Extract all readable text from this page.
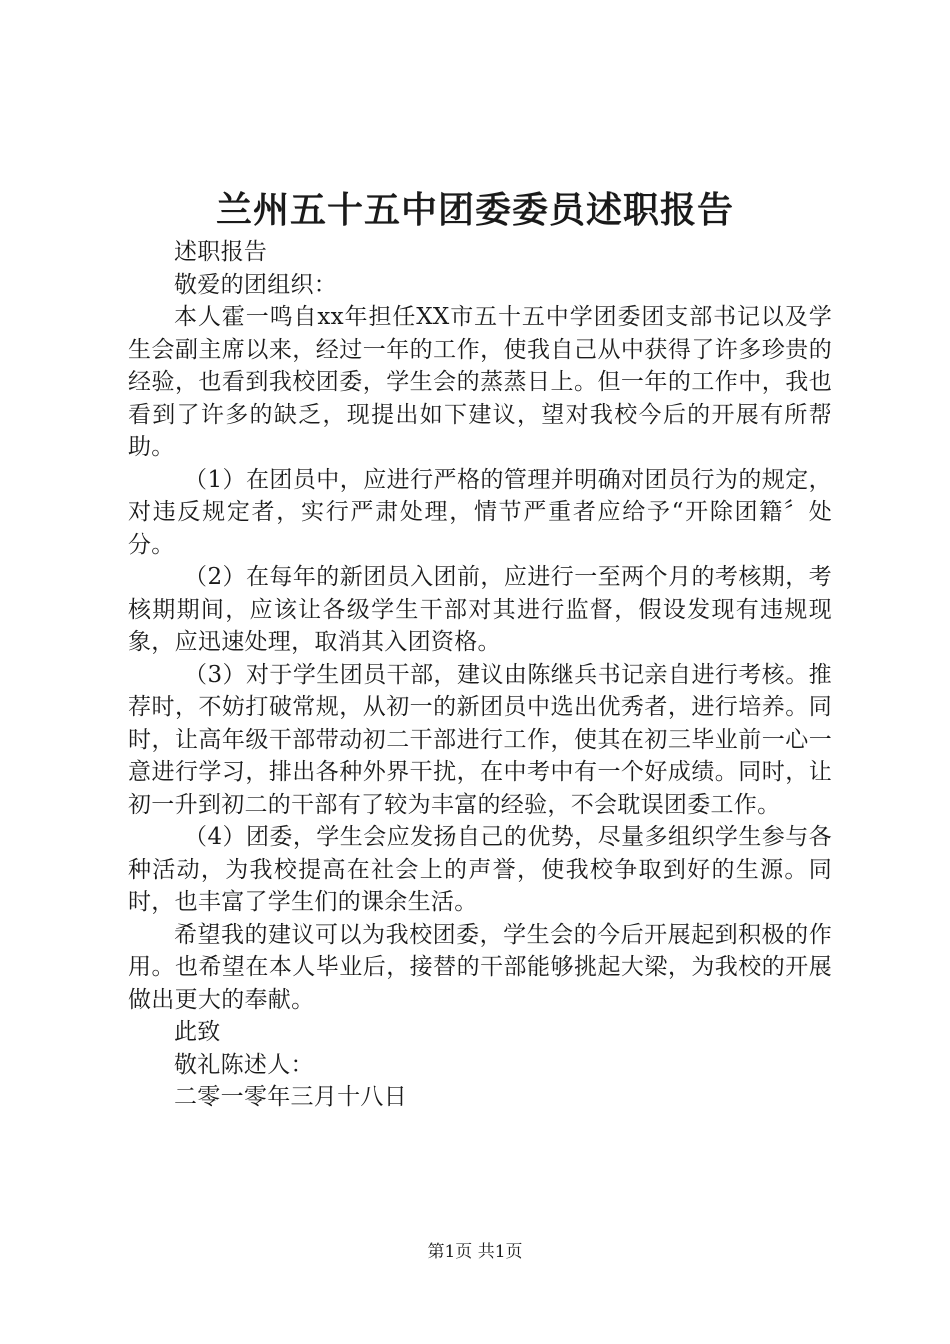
兰州五十五中团委委员述职报告

述职报告

敬爱的团组织：

本人霍一鸣自xx年担任XX市五十五中学团委团支部书记以及学生会副主席以来，经过一年的工作，使我自己从中获得了许多珍贵的经验，也看到我校团委，学生会的蒸蒸日上。但一年的工作中，我也看到了许多的缺乏，现提出如下建议，望对我校今后的开展有所帮助。

（1）在团员中，应进行严格的管理并明确对团员行为的规定，对违反规定者，实行严肃处理，情节严重者应给予“开除团籍〞处分。

（2）在每年的新团员入团前，应进行一至两个月的考核期，考核期期间，应该让各级学生干部对其进行监督，假设发现有违规现象，应迅速处理，取消其入团资格。

（3）对于学生团员干部，建议由陈继兵书记亲自进行考核。推荐时，不妨打破常规，从初一的新团员中选出优秀者，进行培养。同时，让高年级干部带动初二干部进行工作，使其在初三毕业前一心一意进行学习，排出各种外界干扰，在中考中有一个好成绩。同时，让初一升到初二的干部有了较为丰富的经验，不会耽误团委工作。

（4）团委，学生会应发扬自己的优势，尽量多组织学生参与各种活动，为我校提高在社会上的声誉，使我校争取到好的生源。同时，也丰富了学生们的课余生活。

希望我的建议可以为我校团委，学生会的今后开展起到积极的作用。也希望在本人毕业后，接替的干部能够挑起大梁，为我校的开展做出更大的奉献。

此致

敬礼陈述人：

二零一零年三月十八日

第1页 共1页
